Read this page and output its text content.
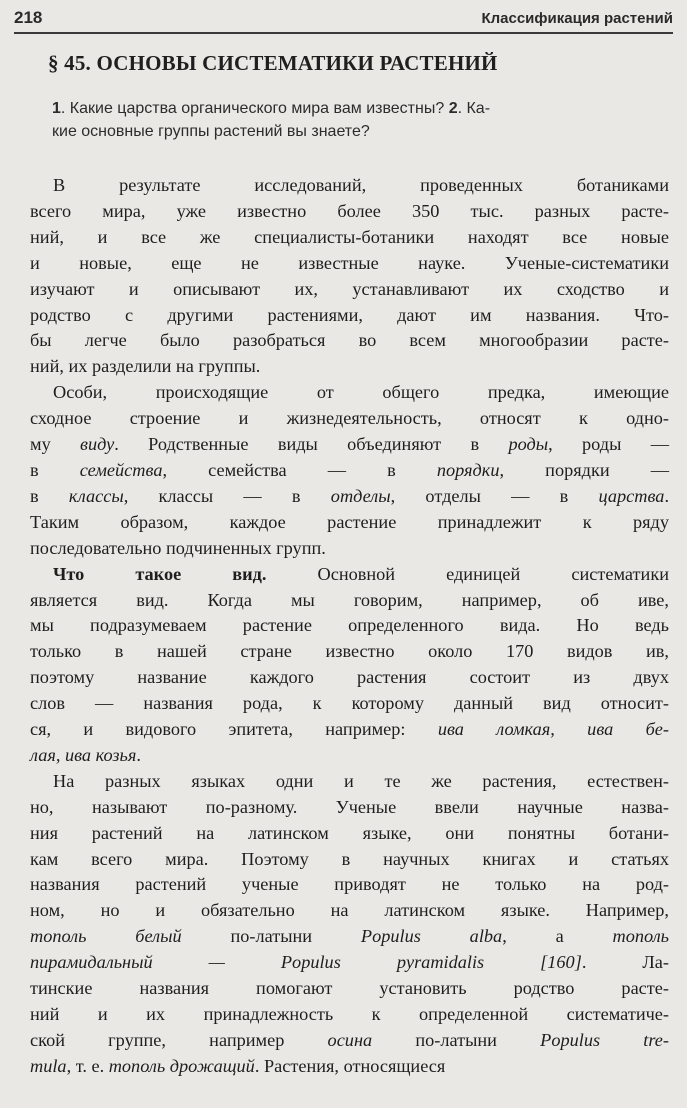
218	Классификация растений
§ 45. ОСНОВЫ СИСТЕМАТИКИ РАСТЕНИЙ
1. Какие царства органического мира вам известны? 2. Ка-
кие основные группы растений вы знаете?
В результате исследований, проведенных ботаниками
всего мира, уже известно более 350 тыс. разных расте-
ний, и все же специалисты-ботаники находят все новые
и новые, еще не известные науке. Ученые-систематики
изучают и описывают их, устанавливают их сходство и
родство с другими растениями, дают им названия. Что-
бы легче было разобраться во всем многообразии расте-
ний, их разделили на группы.
Особи, происходящие от общего предка, имеющие
сходное строение и жизнедеятельность, относят к одно-
му виду. Родственные виды объединяют в роды, роды —
в семейства, семейства — в порядки, порядки —
в классы, классы — в отделы, отделы — в царства.
Таким образом, каждое растение принадлежит к ряду
последовательно подчиненных групп.
Что такое вид. Основной единицей систематики
является вид. Когда мы говорим, например, об иве,
мы подразумеваем растение определенного вида. Но ведь
только в нашей стране известно около 170 видов ив,
поэтому название каждого растения состоит из двух
слов — названия рода, к которому данный вид относит-
ся, и видового эпитета, например: ива ломкая, ива бе-
лая, ива козья.
На разных языках одни и те же растения, естествен-
но, называют по-разному. Ученые ввели научные назва-
ния растений на латинском языке, они понятны ботани-
кам всего мира. Поэтому в научных книгах и статьях
названия растений ученые приводят не только на род-
ном, но и обязательно на латинском языке. Например,
тополь белый по-латыни Populus alba, а тополь
пирамидальный — Populus pyramidalis [160]. Ла-
тинские названия помогают установить родство расте-
ний и их принадлежность к определенной систематиче-
ской группе, например осина по-латыни Populus tre-
mula, т. е. тополь дрожащий. Растения, относящиеся
